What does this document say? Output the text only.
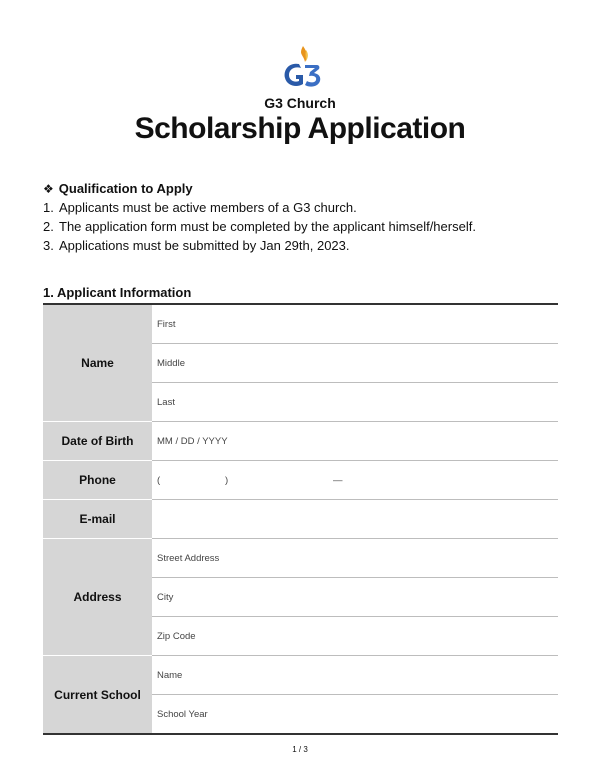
G3 Church
Scholarship Application
❖ Qualification to Apply
1. Applicants must be active members of a G3 church.
2. The application form must be completed by the applicant himself/herself.
3. Applications must be submitted by Jan 29th, 2023.
1. Applicant Information
Name	First
	Middle
	Last
Date of Birth	MM / DD / YYYY
Phone	( ) —

E-mail	
Address	Street Address
	City
	Zip Code
Current School	Name
	School Year
1 / 3
